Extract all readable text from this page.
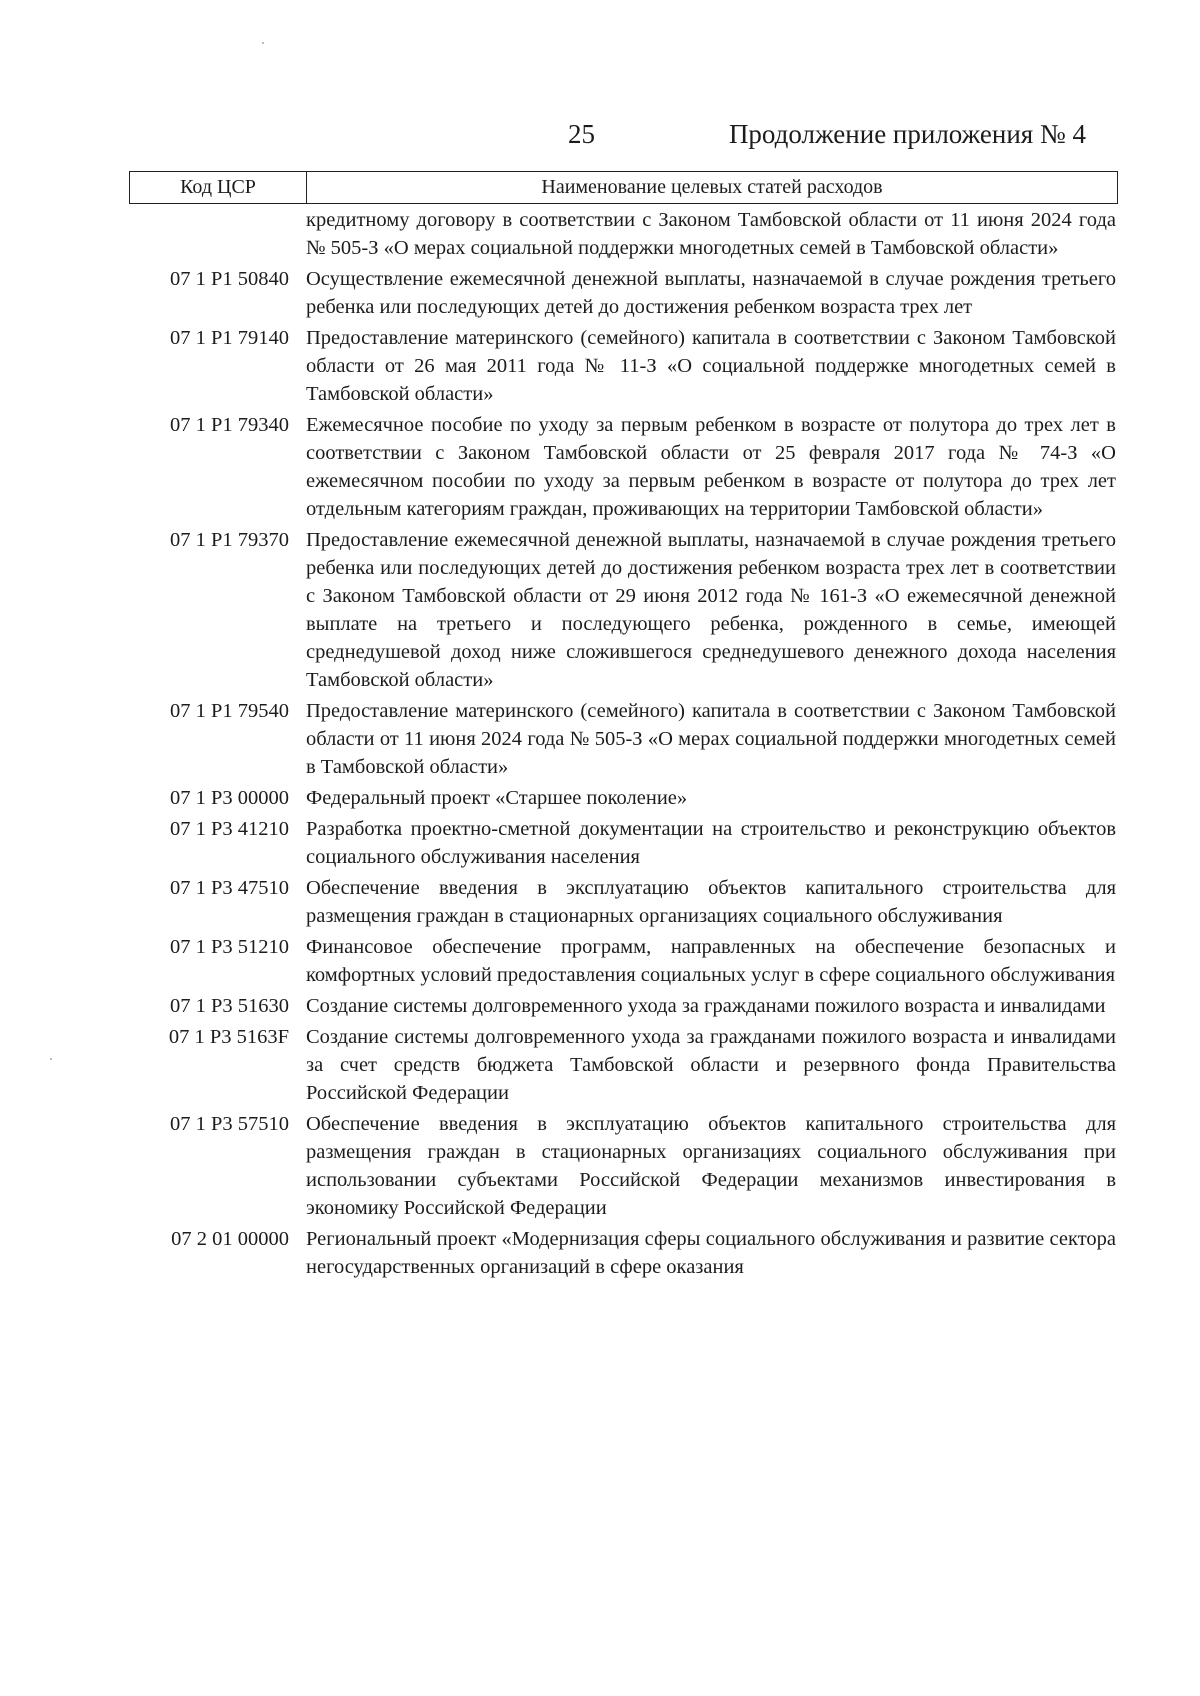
25	Продолжение приложения № 4
Код ЦСР	Наименование целевых статей расходов
кредитному договору в соответствии с Законом Тамбовской области от 11 июня 2024 года № 505-З «О мерах социальной поддержки многодетных семей в Тамбовской области»
07 1 P1 50840 Осуществление ежемесячной денежной выплаты, назначаемой в случае рождения третьего ребенка или последующих детей до достижения ребенком возраста трех лет
07 1 P1 79140 Предоставление материнского (семейного) капитала в соответствии с Законом Тамбовской области от 26 мая 2011 года № 11-З «О социальной поддержке многодетных семей в Тамбовской области»
07 1 P1 79340 Ежемесячное пособие по уходу за первым ребенком в возрасте от полутора до трех лет в соответствии с Законом Тамбовской области от 25 февраля 2017 года № 74-З «О ежемесячном пособии по уходу за первым ребенком в возрасте от полутора до трех лет отдельным категориям граждан, проживающих на территории Тамбовской области»
07 1 P1 79370 Предоставление ежемесячной денежной выплаты, назначаемой в случае рождения третьего ребенка или последующих детей до достижения ребенком возраста трех лет в соответствии с Законом Тамбовской области от 29 июня 2012 года № 161-З «О ежемесячной денежной выплате на третьего и последующего ребенка, рожденного в семье, имеющей среднедушевой доход ниже сложившегося среднедушевого денежного дохода населения Тамбовской области»
07 1 P1 79540 Предоставление материнского (семейного) капитала в соответствии с Законом Тамбовской области от 11 июня 2024 года № 505-З «О мерах социальной поддержки многодетных семей в Тамбовской области»
07 1 P3 00000 Федеральный проект «Старшее поколение»
07 1 P3 41210 Разработка проектно-сметной документации на строительство и реконструкцию объектов социального обслуживания населения
07 1 P3 47510 Обеспечение введения в эксплуатацию объектов капитального строительства для размещения граждан в стационарных организациях социального обслуживания
07 1 P3 51210 Финансовое обеспечение программ, направленных на обеспечение безопасных и комфортных условий предоставления социальных услуг в сфере социального обслуживания
07 1 P3 51630 Создание системы долговременного ухода за гражданами пожилого возраста и инвалидами
07 1 P3 5163F Создание системы долговременного ухода за гражданами пожилого возраста и инвалидами за счет средств бюджета Тамбовской области и резервного фонда Правительства Российской Федерации
07 1 P3 57510 Обеспечение введения в эксплуатацию объектов капитального строительства для размещения граждан в стационарных организациях социального обслуживания при использовании субъектами Российской Федерации механизмов инвестирования в экономику Российской Федерации
07 2 01 00000 Региональный проект «Модернизация сферы социального обслуживания и развитие сектора негосударственных организаций в сфере оказания
